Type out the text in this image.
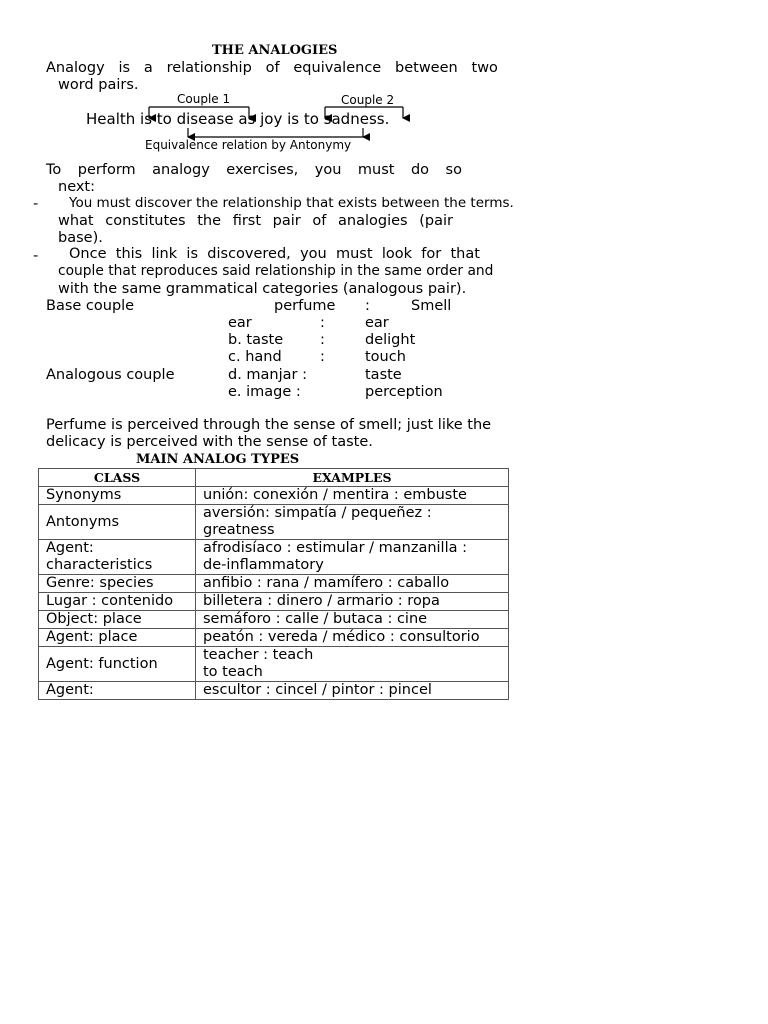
THE ANALOGIES
Analogy is a relationship of equivalence between two
word pairs.
Couple 1	Couple 2
Health is to disease as joy is to sadness.
Equivalence relation by Antonymy
To perform analogy exercises, you must do so
next:
- You must discover the relationship that exists between the terms.
what constitutes the first pair of analogies (pair
base).
- Once this link is discovered, you must look for that
couple that reproduces said relationship in the same order and
with the same grammatical categories (analogous pair).
Base couple
Analogous couple
perfume :	Smell
ear	:	ear
b. taste	:	delight
c. hand	:	touch
d. manjar :	taste
e. image :	perception
Perfume is perceived through the sense of smell; just like the
delicacy is perceived with the sense of taste.
MAIN ANALOG TYPES
CLASS	EXAMPLES
Synonyms	unión: conexión / mentira : embuste
Antonyms	aversión: simpatía / pequeñez :
greatness
Agent:
characteristics	afrodisíaco : estimular / manzanilla :
de-inflammatory
Genre: species	anfibio : rana / mamífero : caballo
Lugar : contenido	billetera : dinero / armario : ropa
Object: place	semáforo : calle / butaca : cine
Agent: place	peatón : vereda / médico : consultorio
Agent: function	teacher : teach
to teach
Agent:	escultor : cincel / pintor : pincel
